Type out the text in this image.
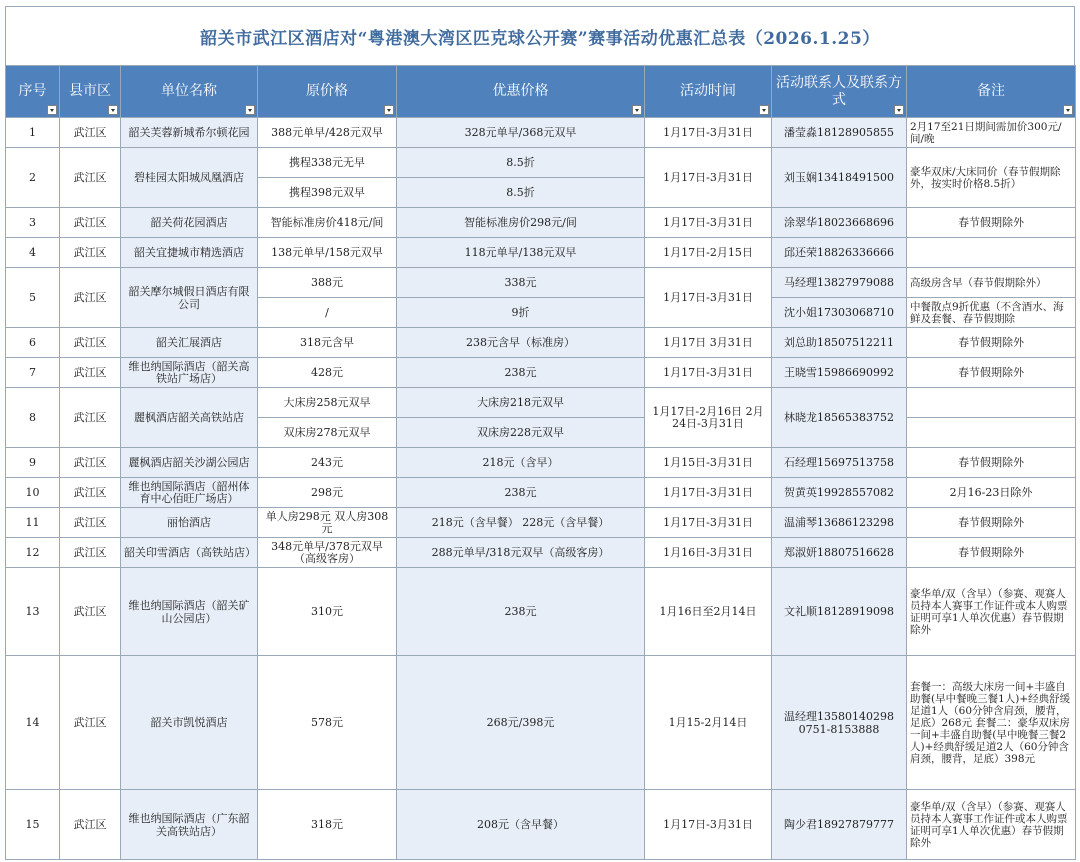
韶关市武江区酒店对“粤港澳大湾区匹克球公开赛”赛事活动优惠汇总表（2026.1.25）
序号	县市区	单位名称	原价格	优惠价格	活动时间	活动联系人及联系方式	备注

1	武江区	韶关芙蓉新城希尔顿花园	388元单早/428元双早	328元单早/368元双早	1月17日-3月31日	潘莹淼18128905855	2月17至21日期间需加价300元/间/晚
2	武江区	碧桂园太阳城凤凰酒店	携程338元无早	8.5折	1月17日-3月31日	刘玉娴13418491500	豪华双床/大床同价（春节假期除外，按实时价格8.5折）
			携程398元双早	8.5折			
3	武江区	韶关荷花园酒店	智能标准房价418元/间	智能标准房价298元/间	1月17日-3月31日	涂翠华18023668696	春节假期除外
4	武江区	韶关宜捷城市精选酒店	138元单早/158元双早	118元单早/138元双早	1月17日-2月15日	邱还荣18826336666	
5	武江区	韶关摩尔城假日酒店有限公司	388元	338元	1月17日-3月31日	马经理13827979088	高级房含早（春节假期除外）
			/	9折		沈小姐17303068710	中餐散点9折优惠（不含酒水、海鲜及套餐、春节假期除
6	武江区	韶关汇展酒店	318元含早	238元含早（标准房）	1月17日 3月31日	刘总助18507512211	春节假期除外
7	武江区	维也纳国际酒店（韶关高铁站广场店）	428元	238元	1月17日-3月31日	王晓雪15986690992	春节假期除外
8	武江区	麗枫酒店韶关高铁站店	大床房258元双早	大床房218元双早	1月17日-2月16日 2月24日-3月31日	林晓龙18565383752	
			双床房278元双早	双床房228元双早			
9	武江区	麗枫酒店韶关沙湖公园店	243元	218元（含早）	1月15日-3月31日	石经理15697513758	春节假期除外
10	武江区	维也纳国际酒店（韶州体育中心佰旺广场店）	298元	238元	1月17日-3月31日	贺黄英19928557082	2月16-23日除外
11	武江区	丽怡酒店	单人房298元 双人房308元	218元（含早餐） 228元（含早餐）	1月17日-3月31日	温浦琴13686123298	春节假期除外
12	武江区	韶关印雪酒店（高铁站店）	348元单早/378元双早（高级客房）	288元单早/318元双早（高级客房）	1月16日-3月31日	郑淑妍18807516628	春节假期除外
13	武江区	维也纳国际酒店（韶关矿山公园店）	310元	238元	1月16日至2月14日	文礼顺18128919098	豪华单/双（含早）（参赛、观赛人员持本人赛事工作证件或本人购票证明可享1人单次优惠）春节假期除外
14	武江区	韶关市凯悦酒店	578元	268元/398元	1月15-2月14日	温经理13580140298 0751-8153888	套餐一：高级大床房一间+丰盛自助餐(早中餐晚三餐1人)+经典舒缓足道1人（60分钟含肩颈，腰背，足底）268元 套餐二：豪华双床房一间+丰盛自助餐(早中晚餐三餐2人)+经典舒缓足道2人（60分钟含肩颈，腰背，足底）398元
15	武江区	维也纳国际酒店（广东韶关高铁站店）	318元	208元（含早餐）	1月17日-3月31日	陶少君18927879777	豪华单/双（含早）（参赛、观赛人员持本人赛事工作证件或本人购票证明可享1人单次优惠）春节假期除外
